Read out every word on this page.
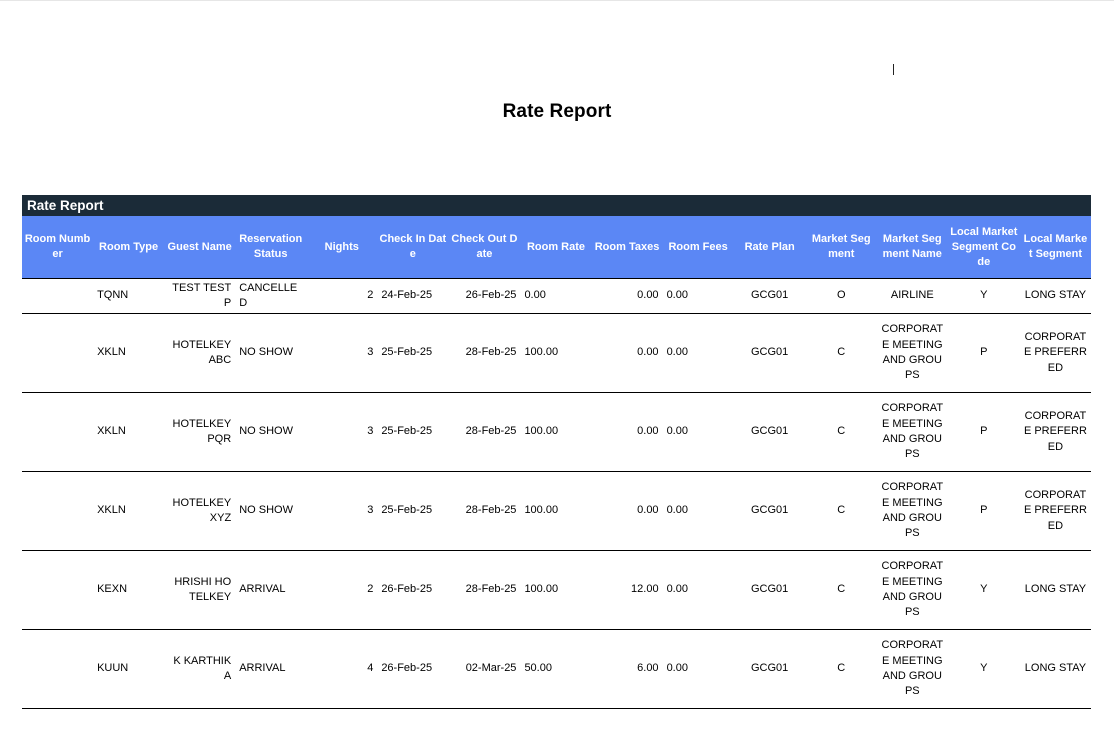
Rate Report
Rate Report
Room Number	Room Type	Guest Name	Reservation Status	Nights	Check In Date	Check Out Date	Room Rate	Room Taxes	Room Fees	Rate Plan	Market Segment	Market Segment Name	Local Market Segment Code	Local Market Segment
	TQNN	TEST TESTP	CANCELLED	2	24-Feb-25	26-Feb-25	0.00	0.00	0.00	GCG01	O	AIRLINE	Y	LONG STAY
	XKLN	HOTELKEY ABC	NO SHOW	3	25-Feb-25	28-Feb-25	100.00	0.00	0.00	GCG01	C	CORPORATE MEETING AND GROUPS	P	CORPORATE PREFERRED
	XKLN	HOTELKEY PQR	NO SHOW	3	25-Feb-25	28-Feb-25	100.00	0.00	0.00	GCG01	C	CORPORATE MEETING AND GROUPS	P	CORPORATE PREFERRED
	XKLN	HOTELKEY XYZ	NO SHOW	3	25-Feb-25	28-Feb-25	100.00	0.00	0.00	GCG01	C	CORPORATE MEETING AND GROUPS	P	CORPORATE PREFERRED
	KEXN	HRISHI HOTELKEY	ARRIVAL	2	26-Feb-25	28-Feb-25	100.00	12.00	0.00	GCG01	C	CORPORATE MEETING AND GROUPS	Y	LONG STAY
	KUUN	K KARTHIKA	ARRIVAL	4	26-Feb-25	02-Mar-25	50.00	6.00	0.00	GCG01	C	CORPORATE MEETING AND GROUPS	Y	LONG STAY
